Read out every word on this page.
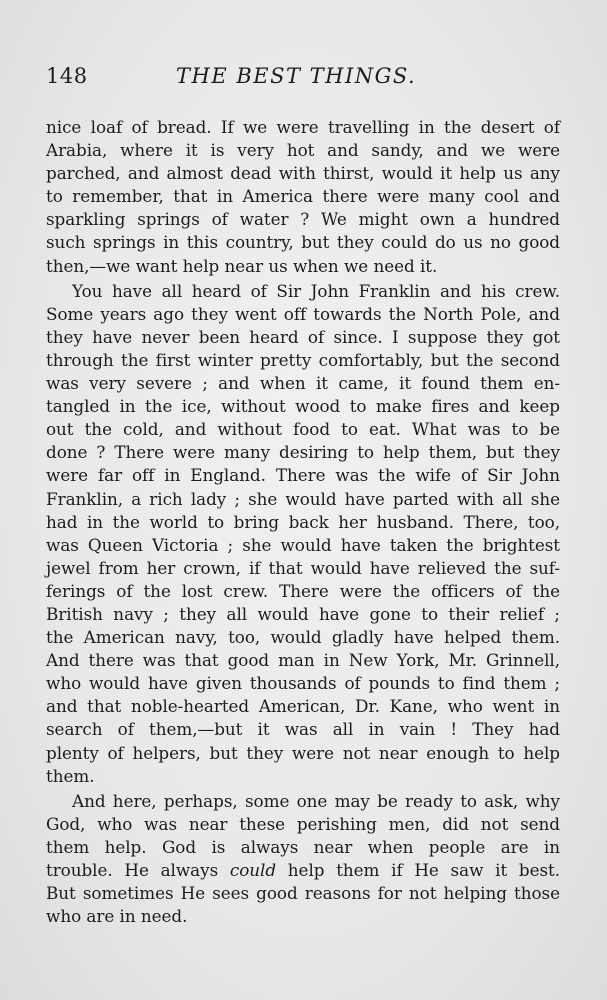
148	THE BEST THINGS.
nice loaf of bread. If we were travelling in the desert of
Arabia, where it is very hot and sandy, and we were
parched, and almost dead with thirst, would it help us any
to remember, that in America there were many cool and
sparkling springs of water ? We might own a hundred
such springs in this country, but they could do us no good
then,—we want help near us when we need it.
You have all heard of Sir John Franklin and his crew.
Some years ago they went off towards the North Pole, and
they have never been heard of since. I suppose they got
through the first winter pretty comfortably, but the second
was very severe ; and when it came, it found them en-
tangled in the ice, without wood to make fires and keep
out the cold, and without food to eat. What was to be
done ? There were many desiring to help them, but they
were far off in England. There was the wife of Sir John
Franklin, a rich lady ; she would have parted with all she
had in the world to bring back her husband. There, too,
was Queen Victoria ; she would have taken the brightest
jewel from her crown, if that would have relieved the suf-
ferings of the lost crew. There were the officers of the
British navy ; they all would have gone to their relief ;
the American navy, too, would gladly have helped them.
And there was that good man in New York, Mr. Grinnell,
who would have given thousands of pounds to find them ;
and that noble-hearted American, Dr. Kane, who went in
search of them,—but it was all in vain ! They had
plenty of helpers, but they were not near enough to help
them.
And here, perhaps, some one may be ready to ask, why
God, who was near these perishing men, did not send
them help. God is always near when people are in
trouble. He always could help them if He saw it best.
But sometimes He sees good reasons for not helping those
who are in need.
